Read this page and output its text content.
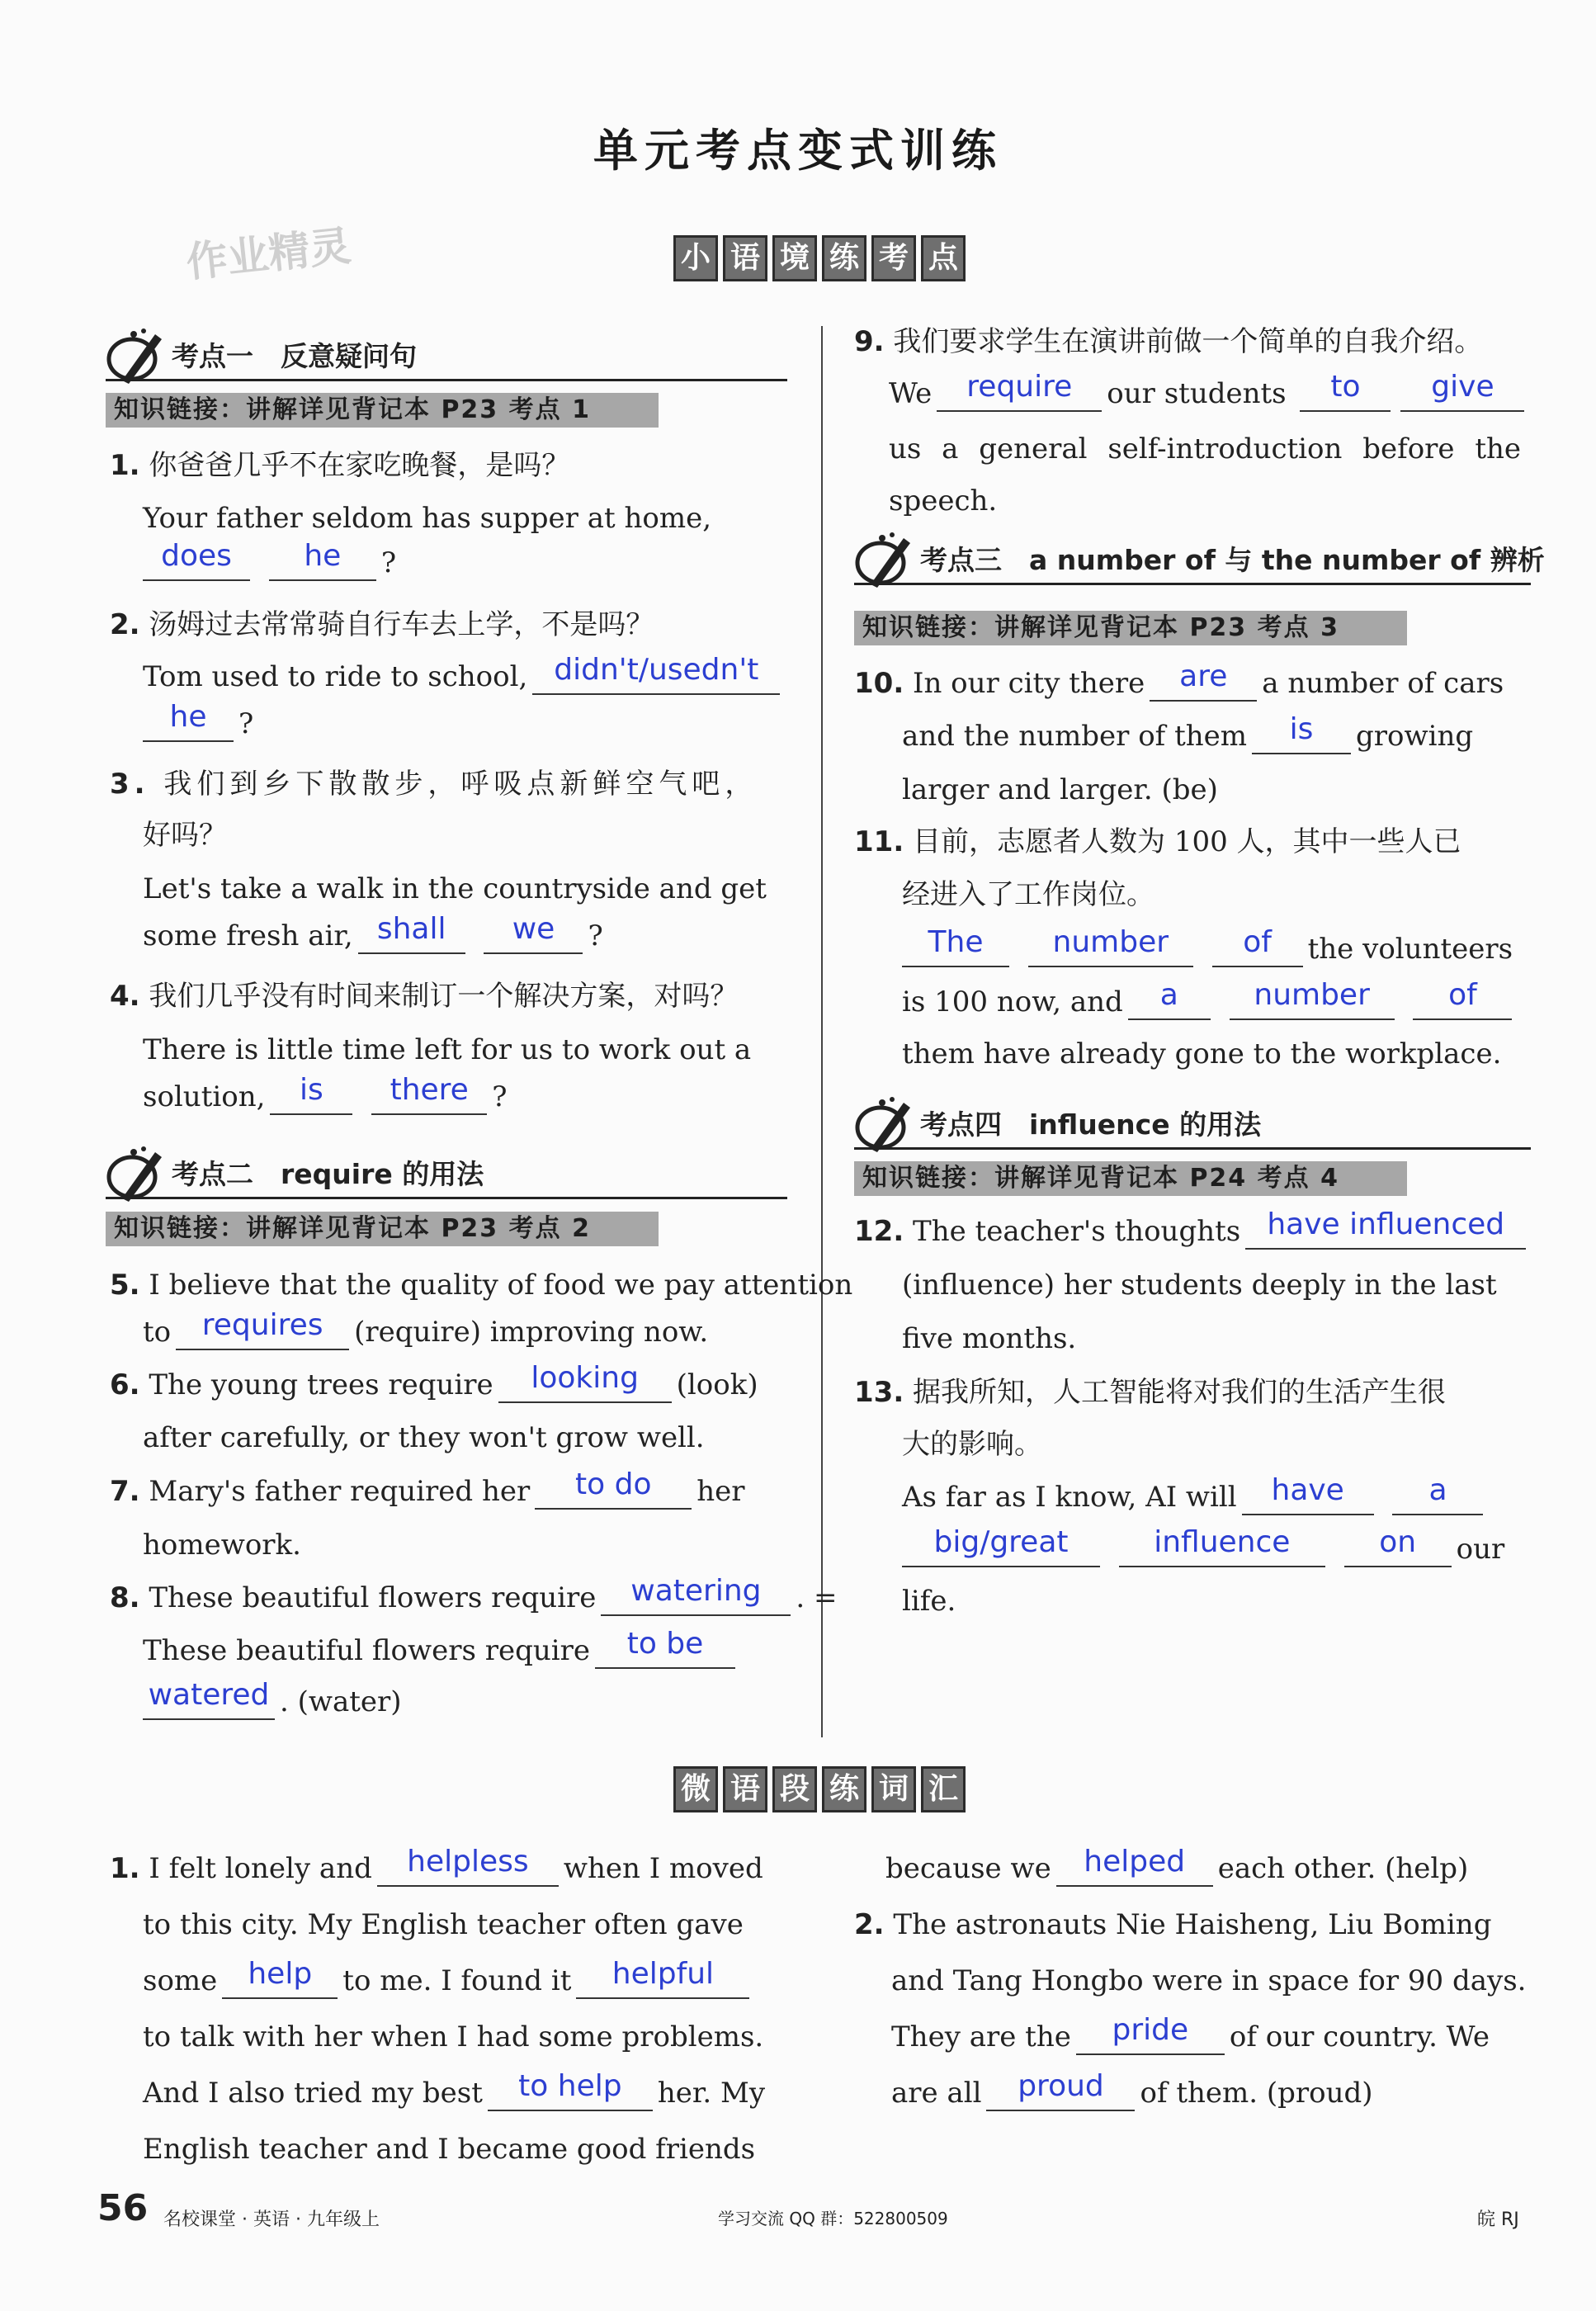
单元考点变式训练
作业精灵	小 语 境 练 考 点
考点一　反意疑问句
知识链接：讲解详见背记本 P23 考点 1
1. 你爸爸几乎不在家吃晚餐，是吗？
Your father seldom has supper at home,
does
	he	?
2. 汤姆过去常常骑自行车去上学，不是吗？
Tom used to ride to school, didn't/usedn't
he	?
3. 我们到乡下散散步，呼吸点新鲜空气吧，
好吗？
Let's take a walk in the countryside and get
some fresh air, shall
	we	?
4. 我们几乎没有时间来制订一个解决方案，对吗？
There is little time left for us to work out a
solution,	is
	there ?
考点二　require 的用法
知识链接：讲解详见背记本 P23 考点 2
5. I believe that the quality of food we pay attention
to	requires	(require) improving now.
6. The young trees require	looking	(look)
after carefully, or they won't grow well.
7. Mary's father required her	to do	her
homework.
8. These beautiful flowers require	watering	. =
These beautiful flowers require	to be
watered . (water)
9. 我们要求学生在演讲前做一个简单的自我介绍。
We	require	our students	to	give
us a general self-introduction before the
speech.
考点三　a number of 与 the number of 辨析
知识链接：讲解详见背记本 P23 考点 3
10. In our city there	are	a number of cars
and the number of them	is	growing
larger and larger. (be)
11. 目前，志愿者人数为 100 人，其中一些人已
经进入了工作岗位。
The
	number
	of	the volunteers
is 100 now, and	a
	number
	of
them have already gone to the workplace.
考点四　influence 的用法
知识链接：讲解详见背记本 P24 考点 4
12. The teacher's thoughts have influenced
(influence) her students deeply in the last
five months.
13. 据我所知，人工智能将对我们的生活产生很
大的影响。
As far as I know, AI will	have
	a
big/great
	influence
	on	our
life.
微 语 段 练 词 汇
1. I felt lonely and	helpless	when I moved
to this city. My English teacher often gave
some	help	to me. I found it	helpful
to talk with her when I had some problems.
And I also tried my best	to help	her. My
English teacher and I became good friends
because we	helped	each other. (help)
2. The astronauts Nie Haisheng, Liu Boming
and Tang Hongbo were in space for 90 days.
They are the	pride	of our country. We
are all	proud	of them. (proud)
56 名校课堂 · 英语 · 九年级上	学习交流 QQ 群：522800509	皖 RJ
